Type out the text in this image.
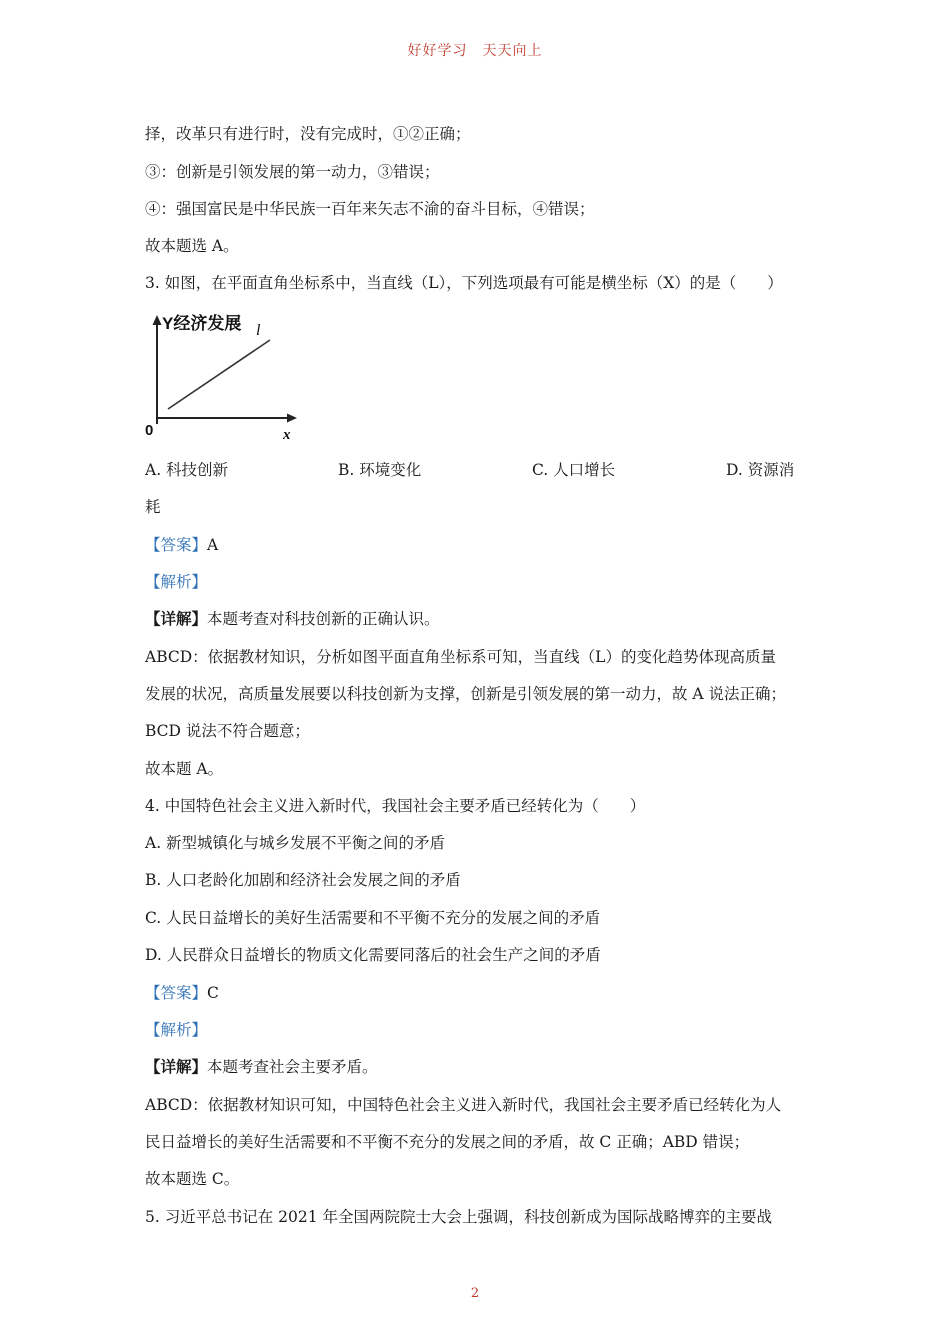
好好学习　天天向上
择，改革只有进行时，没有完成时，①②正确；
③：创新是引领发展的第一动力，③错误；
④：强国富民是中华民族一百年来矢志不渝的奋斗目标，④错误；
故本题选 A。
3. 如图，在平面直角坐标系中，当直线（L），下列选项最有可能是横坐标（X）的是（　　）
Y经济发展 l
0	x
A. 科技创新	B. 环境变化	C. 人口增长	D. 资源消
耗
【答案】A
【解析】
【详解】本题考查对科技创新的正确认识。
ABCD：依据教材知识，分析如图平面直角坐标系可知，当直线（L）的变化趋势体现高质量
发展的状况，高质量发展要以科技创新为支撑，创新是引领发展的第一动力，故 A 说法正确；
BCD 说法不符合题意；
故本题 A。
4. 中国特色社会主义进入新时代，我国社会主要矛盾已经转化为（　　）
A. 新型城镇化与城乡发展不平衡之间的矛盾
B. 人口老龄化加剧和经济社会发展之间的矛盾
C. 人民日益增长的美好生活需要和不平衡不充分的发展之间的矛盾
D. 人民群众日益增长的物质文化需要同落后的社会生产之间的矛盾
【答案】C
【解析】
【详解】本题考查社会主要矛盾。
ABCD：依据教材知识可知，中国特色社会主义进入新时代，我国社会主要矛盾已经转化为人
民日益增长的美好生活需要和不平衡不充分的发展之间的矛盾，故 C 正确；ABD 错误；
故本题选 C。
5. 习近平总书记在 2021 年全国两院院士大会上强调，科技创新成为国际战略博弈的主要战
2
